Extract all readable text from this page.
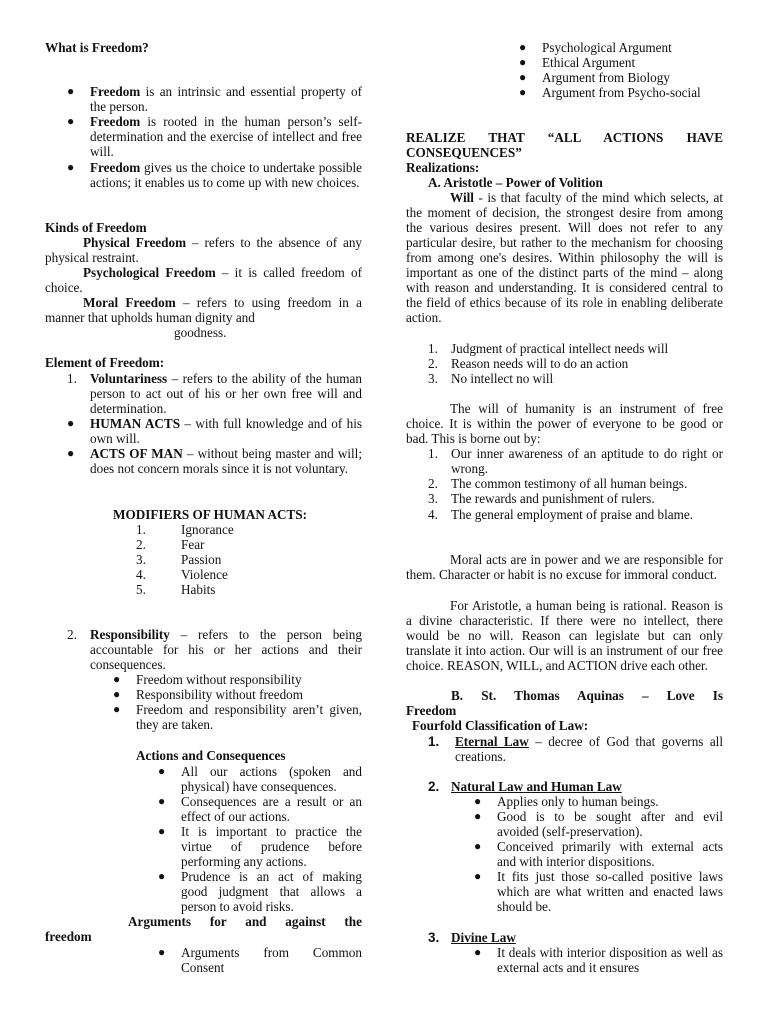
What is Freedom?
● Freedom is an intrinsic and essential property of the person.
● Freedom is rooted in the human person’s self-determination and the exercise of intellect and free will.
● Freedom gives us the choice to undertake possible actions; it enables us to come up with new choices.
Kinds of Freedom
Physical Freedom – refers to the absence of any physical restraint.
Psychological Freedom – it is called freedom of choice.
Moral Freedom – refers to using freedom in a manner that upholds human dignity and
goodness.
Element of Freedom:
1. Voluntariness – refers to the ability of the human person to act out of his or her own free will and determination.
● HUMAN ACTS – with full knowledge and of his own will.
● ACTS OF MAN – without being master and will; does not concern morals since it is not voluntary.
MODIFIERS OF HUMAN ACTS:
1.	Ignorance
2.	Fear
3.	Passion
4.	Violence
5.	Habits
2. Responsibility – refers to the person being accountable for his or her actions and their consequences.
● Freedom without responsibility
● Responsibility without freedom
● Freedom and responsibility aren’t given, they are taken.
Actions and Consequences
● All our actions (spoken and physical) have consequences.
● Consequences are a result or an effect of our actions.
● It is important to practice the virtue of prudence before performing any actions.
● Prudence is an act of making good judgment that allows a person to avoid risks.
Arguments for and against the
freedom
● Arguments from Common Consent
● Psychological Argument
● Ethical Argument
● Argument from Biology
● Argument from Psycho-social
REALIZE THAT “ALL ACTIONS HAVE CONSEQUENCES”
Realizations:
A. Aristotle – Power of Volition
Will - is that faculty of the mind which selects, at the moment of decision, the strongest desire from among the various desires present. Will does not refer to any particular desire, but rather to the mechanism for choosing from among one's desires. Within philosophy the will is important as one of the distinct parts of the mind – along with reason and understanding. It is considered central to the field of ethics because of its role in enabling deliberate action.
1. Judgment of practical intellect needs will
2. Reason needs will to do an action
3. No intellect no will
The will of humanity is an instrument of free choice. It is within the power of everyone to be good or bad. This is borne out by:
1. Our inner awareness of an aptitude to do right or wrong.
2. The common testimony of all human beings.
3. The rewards and punishment of rulers.
4. The general employment of praise and blame.
Moral acts are in power and we are responsible for them. Character or habit is no excuse for immoral conduct.
For Aristotle, a human being is rational. Reason is a divine characteristic. If there were no intellect, there would be no will. Reason can legislate but can only translate it into action. Our will is an instrument of our free choice. REASON, WILL, and ACTION drive each other.
B. St. Thomas Aquinas – Love Is
Freedom
Fourfold Classification of Law:
1. Eternal Law – decree of God that governs all creations.
2. Natural Law and Human Law
● Applies only to human beings.
● Good is to be sought after and evil avoided (self-preservation).
● Conceived primarily with external acts and with interior dispositions.
● It fits just those so-called positive laws which are what written and enacted laws should be.
3. Divine Law
● It deals with interior disposition as well as external acts and it ensures
